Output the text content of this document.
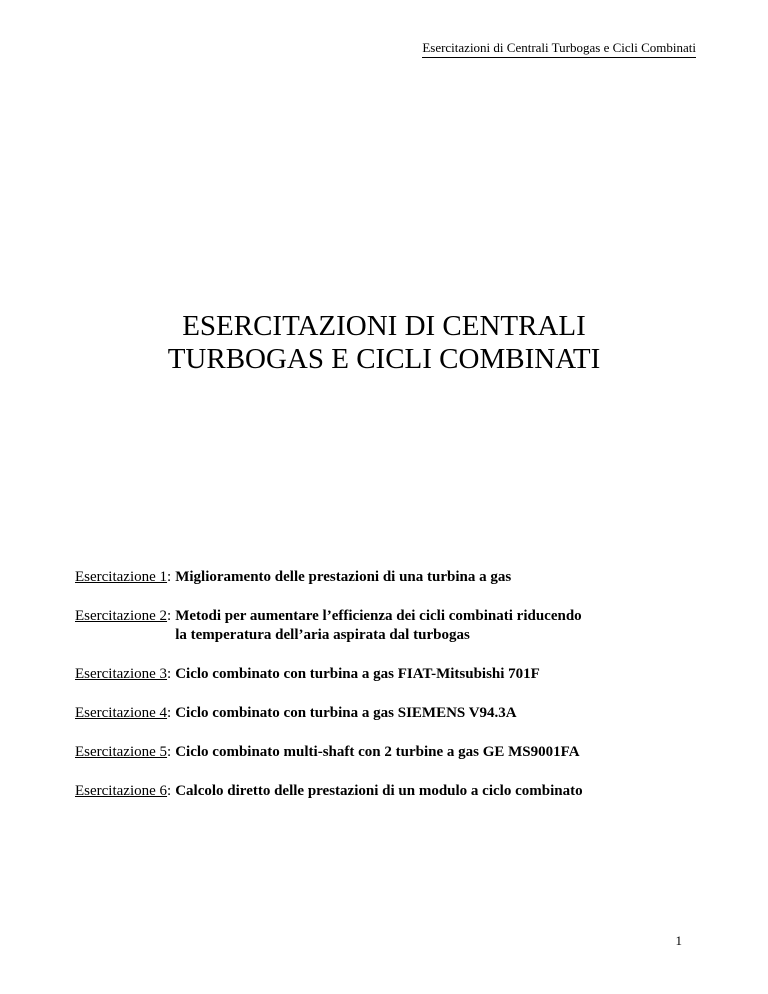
Esercitazioni di Centrali Turbogas e Cicli Combinati
ESERCITAZIONI DI CENTRALI
TURBOGAS E CICLI COMBINATI
Esercitazione 1: Miglioramento delle prestazioni di una turbina a gas
Esercitazione 2: Metodi per aumentare l’efficienza dei cicli combinati riducendo
la temperatura dell’aria aspirata dal turbogas
Esercitazione 3: Ciclo combinato con turbina a gas FIAT-Mitsubishi 701F
Esercitazione 4: Ciclo combinato con turbina a gas SIEMENS V94.3A
Esercitazione 5: Ciclo combinato multi-shaft con 2 turbine a gas GE MS9001FA
Esercitazione 6: Calcolo diretto delle prestazioni di un modulo a ciclo combinato
1
